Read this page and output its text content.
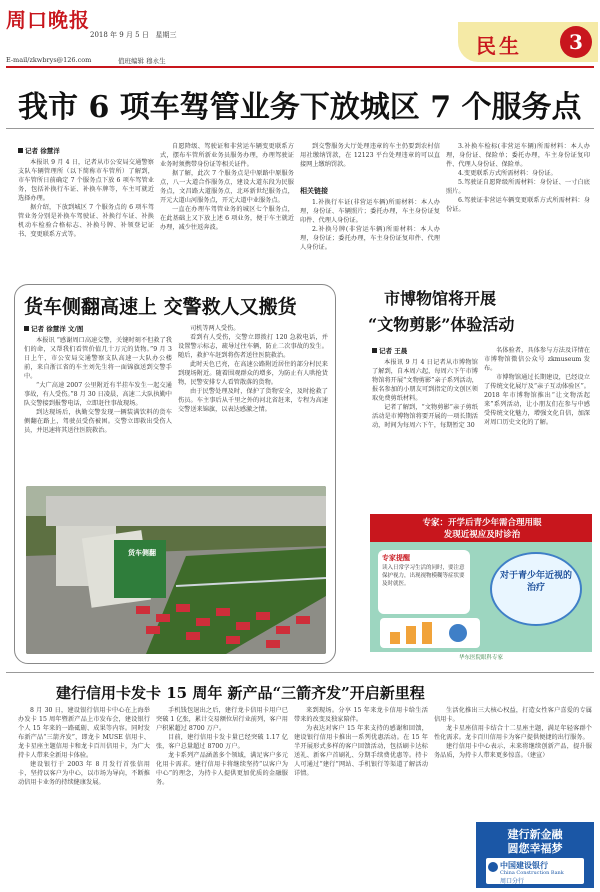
周口晚报
2018 年 9 月 5 日 星期三
E-mail/zkwbrys@126.com	值班编辑 穆永生
民生	3
我市 6 项车驾管业务下放城区 7 个服务点
记者 徐慧洋

本报讯 9 月 4 日，记者从市公安局交通警察支队车辆管理所（以下简称市车管所）了解到，市车管所日前确定 7 个服务点下放 6 项车驾管业务，包括补换行车证、补换车牌等，车主可就近选择办理。

据介绍，下放到城区 7 个服务点的 6 项车驾管业务分别是补换车驾驶证、补换行车证、补换机动车检验合格标志、补换号牌、补领登记证书、变更联系方式等。

自愿降级、驾驶证和非营运车辆变更联系方式，摆布车管所新业务员服务办理，办理驾驶证业务时须携带身份证等相关证件。

据了解，此次 7 个服务点是中原路中原服务点，八一大道合作服务点，建设大道东段为民服务点，文昌路大道服务点，北环新世纪服务点，开元大道山河服务点，开元大道中业服务点。

一直在办理车驾管业务的城区七个服务点，在此基础上又下放上述 6 项业务，便于车主就近办理，减少往返奔波。

到交警服务大厅处理违章的车主仍要到农村信用社缴纳罚款，在 12123 平台处理违章的可以直接网上缴纳罚款。

相关链接

1.补换行车证(非营运车辆)所需材料：本人办理，身份证、车辆照片；委托办理，车主身份证复印件、代理人身份证。

2.补换号牌(非营运车辆)所需材料：本人办理，身份证；委托办理，车主身份证复印件、代理人身份证。

3.补换车检标(非营运车辆)所需材料：本人办理，身份证、保险单；委托办理，车主身份证复印件、代理人身份证、保险单。

4.变更联系方式所需材料：身份证。

5.驾驶证自愿降级所需材料：身份证、一寸白底照片。

6.驾驶证非营运车辆变更联系方式所需材料：身份证。

货车侧翻高速上 交警救人又搬货
记者 徐慧洋 文/图

本报讯 “感谢周口高速交警，关键时刻不但救了我们的命，又帮我们看管价值几十万元的货物。”9 月 3 日上午，市公安局交通警察支队高速一大队办公楼前，来自浙江省的车主刘先生将一面锦旗送到交警手中。

“大广高速 2007 公里附近有半挂车发生一起交通事故，有人受伤。”8 月 30 日凌晨，高速二大队执勤中队交警接到报警电话，立即赶往事故现场。

到达现场后，执勤交警发现一辆装满饮料的货车侧翻在路上，驾驶员受伤被困。交警立即救出受伤人员，并迅速将其送往医院救治。

司机等两人受伤。

看到有人受伤，交警立即拨打 120 急救电话，并设置警示标志，疏导过往车辆，防止二次事故的发生。随后，救护车赶到将伤者送往医院救治。

此时天色已亮，在高速公路附近居住的部分村民来到现场附近。随着围观群众的增多，为防止有人哄抢货物，民警安排专人看管散落的货物。

由于民警处理及时，保护了货物安全，及时抢救了伤员。车主事后从千里之外的河北省赶来，专程为高速交警送来锦旗，以表达感激之情。

货车侧翻
市博物馆将开展
“文物剪影”体验活动
记者 王晨

本报讯 9 月 4 日记者从市博物馆了解到，自本周六起，每周六下午市博物馆将开展“文物剪影”亲子系列活动，报名参加的小朋友可到指定的文创区领取免费剪纸材料。

记者了解到，“文物剪影”亲子剪纸活动是市博物馆将要开展的一项长期活动，时间为每周六下午，每期暂定 30

名体验者，具体参与方法及详情在市博物馆微信公众号 zkmuseum 发布。

市博物馆通过长期建设，已经设立了传统文化展厅及“亲子互动体验区”。2018 年市博物馆推出“让文物活起来”系列活动，让小朋友们在参与中感受传统文化魅力，增强文化自信，加深对周口历史文化的了解。

专家：开学后青少年需合理用眼
发现近视应及时诊治
专家提醒
读入日常学习生活的同时，要注意保护视力，出现视物模糊等症状要及时就医。
对于青少年近视的治疗
华东医院眼科专家
建行信用卡发卡 15 周年 新产品“三箭齐发”开启新里程

8 月 30 日，建设银行信用卡中心在上海举办发卡 15 周年暨新产品上市发布会，建设银行个人 15 年来的一路砥砺、成果等内容。同时发布新产品“三箭齐发”，即龙卡 MUSE 信用卡、龙卡星座主题信用卡和龙卡百川信用卡，为广大持卡人带来全新用卡体验。

建设银行于 2003 年 8 月发行首张信用卡，坚持以客户为中心，以市场为导向，不断推动信用卡业务的持续健康发展。

手机钱包退出之后，建行龙卡信用卡用户已突破 1 亿张，累计交易额位居行业前列，客户用户积累超过 8700 万户。

目前，建行信用卡发卡量已经突破 1.17 亿张，客户总量超过 8700 万户。

龙卡系列产品涵盖多个领域，满足客户多元化用卡需求。建行信用卡将继续坚持“以客户为中心”的理念，为持卡人提供更加优质的金融服务。

来到现场。分享 15 年来龙卡信用卡给生活带来的改变及独家陪伴。

为表达对客户 15 年来支持的感谢和回馈，建设银行信用卡推出一系列优惠活动。在 15 年半开展形式多样的客户回馈活动，包括刷卡达标送礼、新客户首刷礼、分期手续费优惠等。持卡人可通过“建行”网站、手机银行等渠道了解活动详情。

生活化推出三大核心权益，打造女性客户喜爱的专属信用卡。

龙卡星座信用卡结合十二星座主题，满足年轻客群个性化需求。龙卡百川信用卡为客户提供便捷的出行服务。

建行信用卡中心表示，未来将继续创新产品，提升服务品质，为持卡人带来更多惊喜。（建宣）

建行新金融
圆您幸福梦
中国建设银行
China Construction Bank
周口分行
